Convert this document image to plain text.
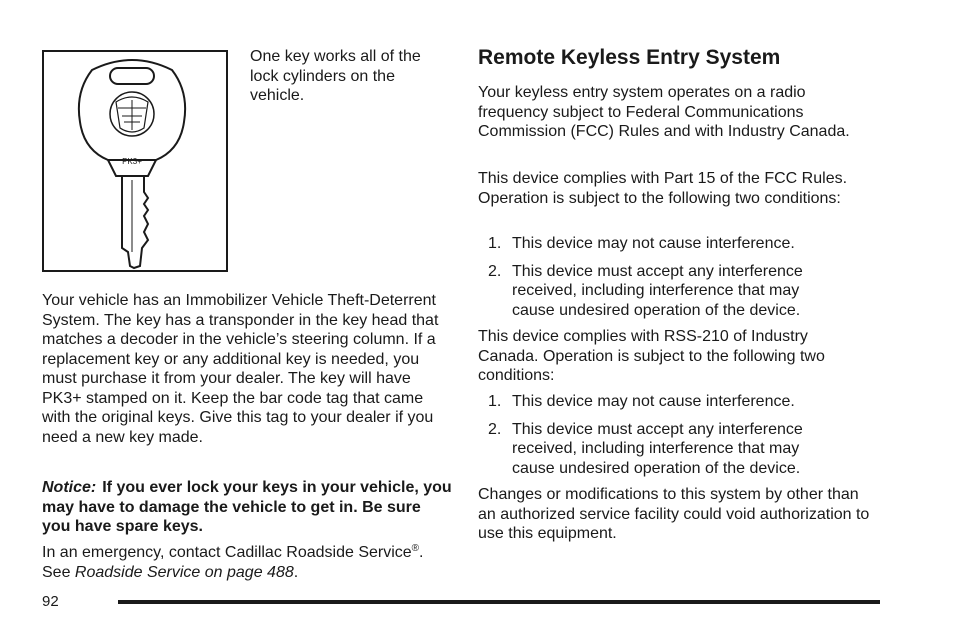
PK3+

One key works all of the lock cylinders on the vehicle.

Your vehicle has an Immobilizer Vehicle Theft-Deterrent System. The key has a transponder in the key head that matches a decoder in the vehicle’s steering column. If a replacement key or any additional key is needed, you must purchase it from your dealer. The key will have PK3+ stamped on it. Keep the bar code tag that came with the original keys. Give this tag to your dealer if you need a new key made.

Notice: If you ever lock your keys in your vehicle, you may have to damage the vehicle to get in. Be sure you have spare keys.

In an emergency, contact Cadillac Roadside Service®. See Roadside Service on page 488.

Remote Keyless Entry System

Your keyless entry system operates on a radio frequency subject to Federal Communications Commission (FCC) Rules and with Industry Canada.

This device complies with Part 15 of the FCC Rules. Operation is subject to the following two conditions:

1. This device may not cause interference.
2. This device must accept any interference received, including interference that may cause undesired operation of the device.

This device complies with RSS-210 of Industry Canada. Operation is subject to the following two conditions:

1. This device may not cause interference.
2. This device must accept any interference received, including interference that may cause undesired operation of the device.

Changes or modifications to this system by other than an authorized service facility could void authorization to use this equipment.

92
